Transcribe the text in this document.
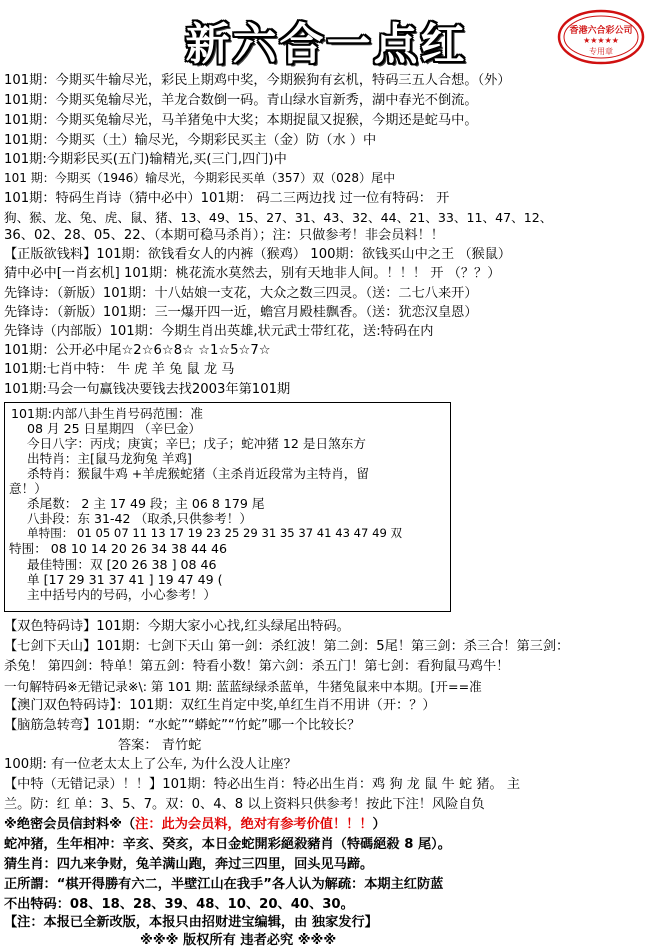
新六合一点红	香港六合彩公司
★★★★★
专用章
101期：今期买牛输尽光，彩民上期鸡中奖，今期猴狗有玄机，特码三五人合想。（外）
101期：今期买兔输尽光，羊龙合数倒一码。青山绿水盲新秀，湖中春光不倒流。
101期：今期买兔输尽光，马羊猪兔中大奖；本期捉鼠又捉猴，今期还是蛇马中。
101期：今期买（土）输尽光，今期彩民买主（金）防（水 ）中
101期:今期彩民买(五门)输精光,买(三门,四门)中
101 期：今期买（1946）输尽光，今期彩民买单（357）双（028）尾中
101期：特码生肖诗（猜中必中）101期： 码二三两边找 过一位有特码： 开
狗、猴、龙、兔、虎、鼠、猪、13、49、15、27、31、43、32、44、21、33、11、47、12、
36、02、28、05、22、（本期可稳马杀肖）；注：只做参考！非会员料！！
【正版欲钱料】101期：欲钱看女人的内裤（猴鸡） 100期：欲钱买山中之王 （猴鼠）
猜中必中[一肖玄机] 101期：桃花流水莫然去，别有天地非人间。！！！ 开 （？？）
先锋诗：（新版）101期：十八姑娘一支花，大众之数三四灵。（送：二七八来开）
先锋诗：（新版）101期：三一爆开四一近，蟾宫月殿桂飘香。（送：犹恋汉皇恩）
先锋诗（内部版）101期：今期生肖出英雄,状元武士带红花，送:特码在内
101期：公开必中尾☆2☆6☆8☆ ☆1☆5☆7☆
101期:七肖中特： 牛 虎 羊 兔 鼠 龙 马
101期:马会一句赢钱决要钱去找2003年第101期
101期:内部八卦生肖号码范围：准
08 月 25 日星期四 （辛巳金）
今日八字：丙戌；庚寅；辛巳；戊子；蛇冲猪 12 是日煞东方
出特肖：主[鼠马龙狗兔 羊鸡]
杀特肖：猴鼠牛鸡 +羊虎猴蛇猪（主杀肖近段常为主特肖，留
意！）
杀尾数： 2 主 17 49 段；主 06 8 179 尾
八卦段：东 31-42 （取杀,只供参考！）
单特围： 01 05 07 11 13 17 19 23 25 29 31 35 37 41 43 47 49 双
特围： 08 10 14 20 26 34 38 44 46
最佳特围：双 [20 26 38 ] 08 46
单 [17 29 31 37 41 ] 19 47 49 (
主中括号内的号码，小心参考！）
【双色特码诗】101期：今期大家小心找,红头绿尾出特码。
【七剑下天山】101期：七剑下天山 第一剑：杀红波！第二剑：5尾！第三剑：杀三合！第三剑：
杀兔！ 第四剑：特单！第五剑：特看小数！第六剑：杀五门！第七剑：看狗鼠马鸡牛！
一句解特码※无错记录※\: 第 101 期: 蓝蓝绿绿杀蓝单，牛猪兔鼠来中本期。[开==准
【澳门双色特码诗】：101期：双红生肖定中奖,单红生肖不用讲（开：？）
【脑筋急转弯】101期：“水蛇”“蟒蛇”“竹蛇”哪一个比较长？
答案： 青竹蛇
100期: 有一位老太太上了公车, 为什么没人让座？
【中特（无错记录）！！】101期：特必出生肖：特必出生肖：鸡 狗 龙 鼠 牛 蛇 猪。 主
兰。防：红 单：3、5、7。双：0、4、8 以上资料只供参考！按此下注！风险自负
※绝密会员信封料※（注：此为会员料，绝对有参考价值！！！）
蛇冲猪，生年相冲：辛亥、癸亥，本日金蛇開彩絕殺豬肖（特碼絕殺 8 尾）。
猜生肖：四九来争财，兔羊满山跑，奔过三四里，回头见马蹄。
正所謂：“棋开得勝有六二，半壁江山在我手”各人认为解疏：本期主红防蓝
不出特码：08、18、28、39、48、10、20、40、30。
【注：本报已全新改版，本报只由招财进宝编辑，由 独家发行】
※※※ 版权所有 违者必究 ※※※
